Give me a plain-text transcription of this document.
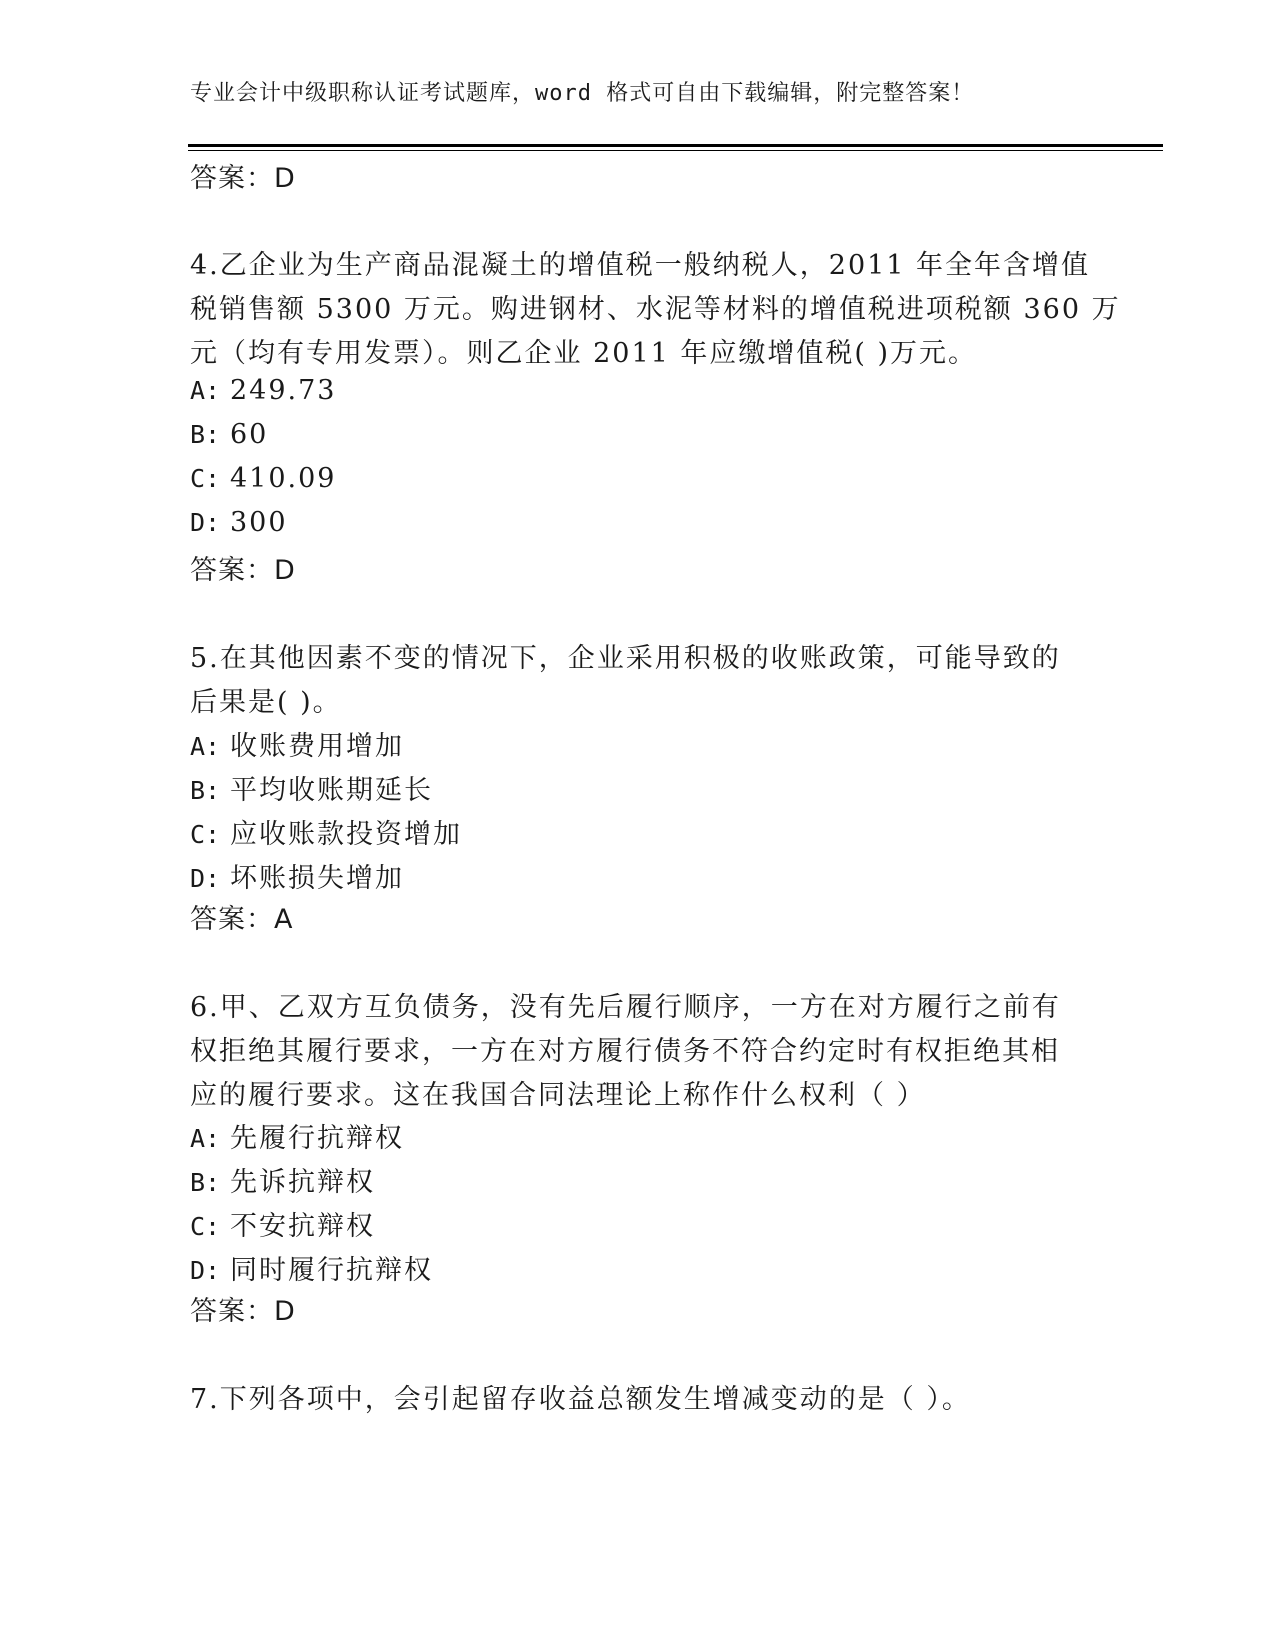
专业会计中级职称认证考试题库，word 格式可自由下载编辑，附完整答案！
答案：D
4.乙企业为生产商品混凝土的增值税一般纳税人，2011 年全年含增值
税销售额 5300 万元。购进钢材、水泥等材料的增值税进项税额 360 万
元（均有专用发票）。则乙企业 2011 年应缴增值税( )万元。
A: 249.73
B: 60
C: 410.09
D: 300
答案：D
5.在其他因素不变的情况下，企业采用积极的收账政策，可能导致的
后果是( )。
A: 收账费用增加
B: 平均收账期延长
C: 应收账款投资增加
D: 坏账损失增加
答案：A
6.甲、乙双方互负债务，没有先后履行顺序，一方在对方履行之前有
权拒绝其履行要求，一方在对方履行债务不符合约定时有权拒绝其相
应的履行要求。这在我国合同法理论上称作什么权利（ ）
A: 先履行抗辩权
B: 先诉抗辩权
C: 不安抗辩权
D: 同时履行抗辩权
答案：D
7.下列各项中，会引起留存收益总额发生增减变动的是（ ）。
